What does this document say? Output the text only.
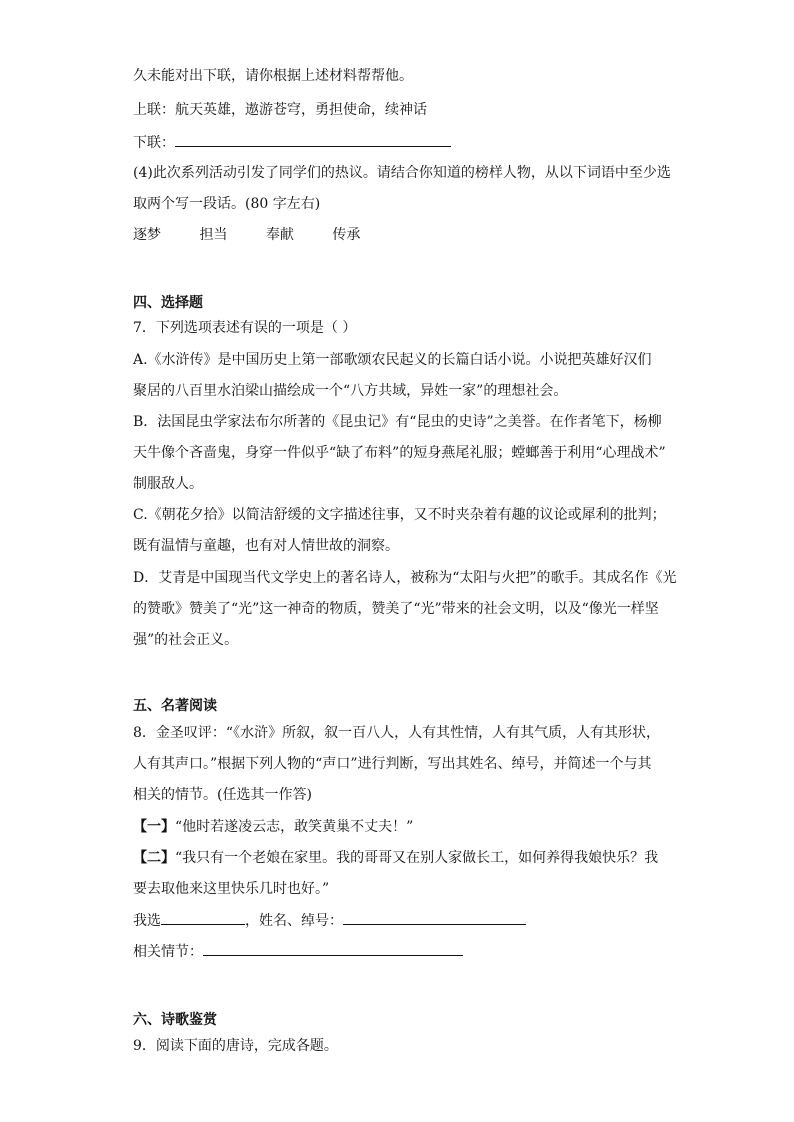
久未能对出下联，请你根据上述材料帮帮他。
上联：航天英雄，遨游苍穹，勇担使命，续神话
下联：
(4)此次系列活动引发了同学们的热议。请结合你知道的榜样人物，从以下词语中至少选
取两个写一段话。(80 字左右)
逐梦	担当	奉献	传承
四、选择题
7．下列选项表述有误的一项是（ ）
A.《水浒传》是中国历史上第一部歌颂农民起义的长篇白话小说。小说把英雄好汉们
聚居的八百里水泊梁山描绘成一个“八方共域，异姓一家”的理想社会。
B．法国昆虫学家法布尔所著的《昆虫记》有“昆虫的史诗”之美誉。在作者笔下，杨柳
天牛像个吝啬鬼，身穿一件似乎“缺了布料”的短身燕尾礼服；螳螂善于利用“心理战术”
制服敌人。
C.《朝花夕拾》以简洁舒缓的文字描述往事，又不时夹杂着有趣的议论或犀利的批判；
既有温情与童趣，也有对人情世故的洞察。
D．艾青是中国现当代文学史上的著名诗人，被称为“太阳与火把”的歌手。其成名作《光
的赞歌》赞美了“光”这一神奇的物质，赞美了“光”带来的社会文明，以及“像光一样坚
强”的社会正义。
五、名著阅读
8．金圣叹评：“《水浒》所叙，叙一百八人，人有其性情，人有其气质，人有其形状，
人有其声口。”根据下列人物的“声口”进行判断，写出其姓名、绰号，并简述一个与其
相关的情节。(任选其一作答)
【一】“他时若遂凌云志，敢笑黄巢不丈夫！”
【二】“我只有一个老娘在家里。我的哥哥又在别人家做长工，如何养得我娘快乐？我
要去取他来这里快乐几时也好。”
我选	，姓名、绰号：
相关情节：
六、诗歌鉴赏
9．阅读下面的唐诗，完成各题。
